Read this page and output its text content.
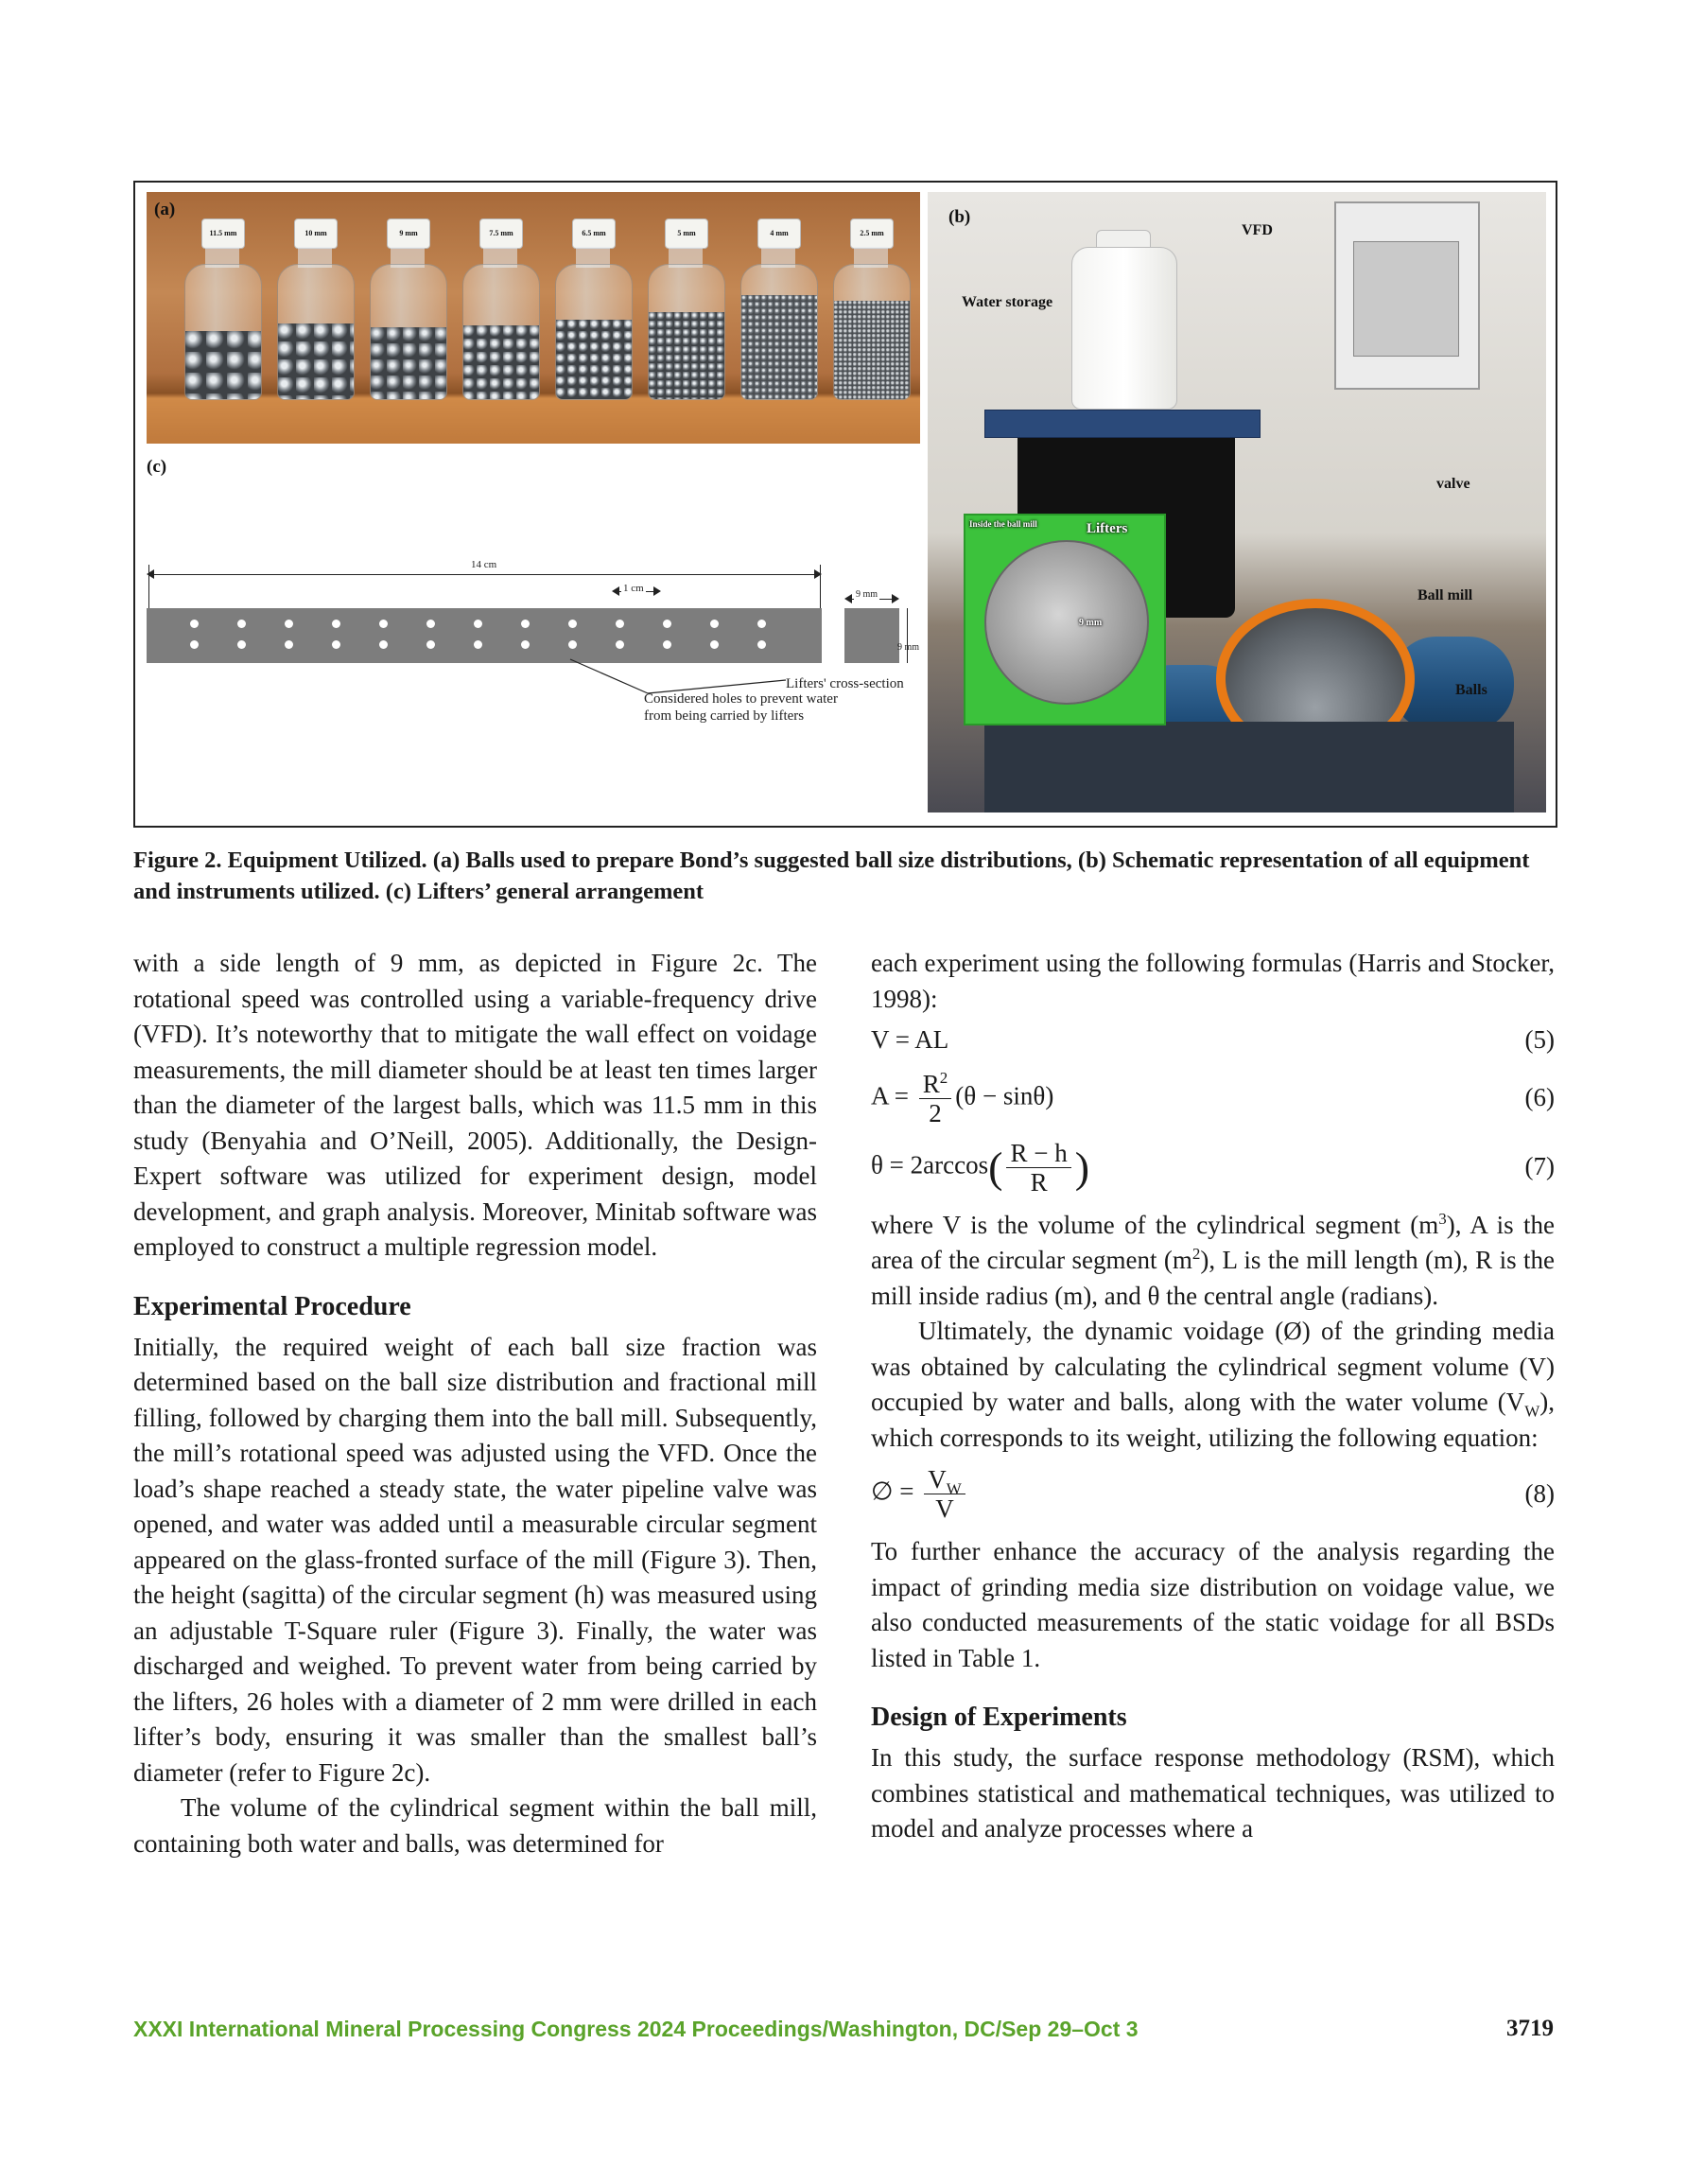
(a)
11.5 mm	10 mm	9 mm	7.5 mm	6.5 mm	5 mm	4 mm	2.5 mm
Inside the ball mill	Lifters
9 mm
(b)
VFD
Water storage
valve
Ball mill
Balls
(c)
14 cm
1 cm
9 mm
9 mm
Lifters' cross-section
Considered holes to prevent water
from being carried by lifters
Figure 2. Equipment Utilized. (a) Balls used to prepare Bond’s suggested ball size distributions, (b) Schematic representation of all equipment and instruments utilized. (c) Lifters’ general arrangement

with a side length of 9 mm, as depicted in Figure 2c. The rotational speed was controlled using a variable-frequency drive (VFD). It’s noteworthy that to mitigate the wall effect on voidage measurements, the mill diameter should be at least ten times larger than the diameter of the largest balls, which was 11.5 mm in this study (Benyahia and O’Neill, 2005). Additionally, the Design-Expert software was utilized for experiment design, model development, and graph analysis. Moreover, Minitab software was employed to construct a multiple regression model.

Experimental Procedure

Initially, the required weight of each ball size fraction was determined based on the ball size distribution and fractional mill filling, followed by charging them into the ball mill. Subsequently, the mill’s rotational speed was adjusted using the VFD. Once the load’s shape reached a steady state, the water pipeline valve was opened, and water was added until a measurable circular segment appeared on the glass-fronted surface of the mill (Figure 3). Then, the height (sagitta) of the circular segment (h) was measured using an adjustable T-Square ruler (Figure 3). Finally, the water was discharged and weighed. To prevent water from being carried by the lifters, 26 holes with a diameter of 2 mm were drilled in each lifter’s body, ensuring it was smaller than the smallest ball’s diameter (refer to Figure 2c).

The volume of the cylindrical segment within the ball mill, containing both water and balls, was determined for

each experiment using the following formulas (Harris and Stocker, 1998):

V = AL	(5)
$A = \frac{R^2}{2} (\theta - \sin\theta)$	(6)
$\theta = 2\arccos( \frac{R - h}{R}$ )	(7)

where V is the volume of the cylindrical segment $(m^3)$, A is the area of the circular segment $(m^2)$, L is the mill length (m), R is the mill inside radius (m), and θ the central angle (radians).

Ultimately, the dynamic voidage (Ø) of the grinding media was obtained by calculating the cylindrical segment volume (V) occupied by water and balls, along with the water volume $(V_W)$, which corresponds to its weight, utilizing the following equation:

∅ = $\frac{V_W}{V}$	(8)

To further enhance the accuracy of the analysis regarding the impact of grinding media size distribution on voidage value, we also conducted measurements of the static voidage for all BSDs listed in Table 1.

Design of Experiments

In this study, the surface response methodology (RSM), which combines statistical and mathematical techniques, was utilized to model and analyze processes where a

XXXI International Mineral Processing Congress 2024 Proceedings/Washington, DC/Sep 29–Oct 3	3719
